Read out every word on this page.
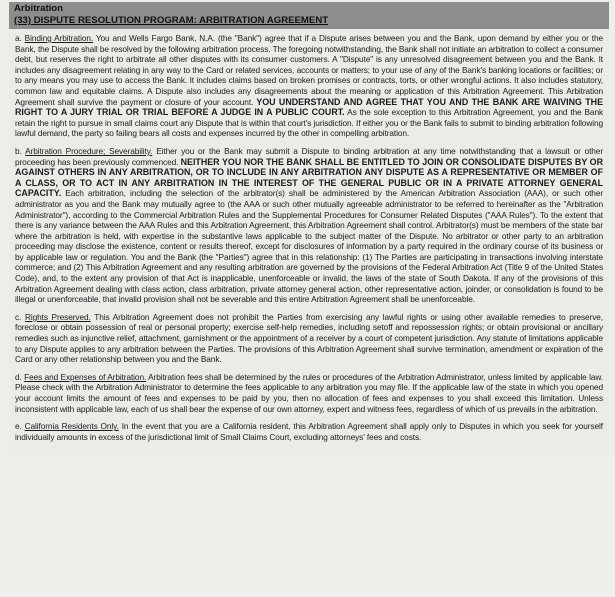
Arbitration
(33) DISPUTE RESOLUTION PROGRAM: ARBITRATION AGREEMENT

a. Binding Arbitration. You and Wells Fargo Bank, N.A. (the "Bank") agree that if a Dispute arises between you and the Bank, upon demand by either you or the Bank, the Dispute shall be resolved by the following arbitration process. The foregoing notwithstanding, the Bank shall not initiate an arbitration to collect a consumer debt, but reserves the right to arbitrate all other disputes with its consumer customers. A "Dispute" is any unresolved disagreement between you and the Bank. It includes any disagreement relating in any way to the Card or related services, accounts or matters; to your use of any of the Bank's banking locations or facilities; or to any means you may use to access the Bank. It includes claims based on broken promises or contracts, torts, or other wrongful actions. It also includes statutory, common law and equitable claims. A Dispute also includes any disagreements about the meaning or application of this Arbitration Agreement. This Arbitration Agreement shall survive the payment or closure of your account. YOU UNDERSTAND AND AGREE THAT YOU AND THE BANK ARE WAIVING THE RIGHT TO A JURY TRIAL OR TRIAL BEFORE A JUDGE IN A PUBLIC COURT. As the sole exception to this Arbitration Agreement, you and the Bank retain the right to pursue in small claims court any Dispute that is within that court's jurisdiction. If either you or the Bank fails to submit to binding arbitration following lawful demand, the party so failing bears all costs and expenses incurred by the other in compelling arbitration.

b. Arbitration Procedure; Severability. Either you or the Bank may submit a Dispute to binding arbitration at any time notwithstanding that a lawsuit or other proceeding has been previously commenced. NEITHER YOU NOR THE BANK SHALL BE ENTITLED TO JOIN OR CONSOLIDATE DISPUTES BY OR AGAINST OTHERS IN ANY ARBITRATION, OR TO INCLUDE IN ANY ARBITRATION ANY DISPUTE AS A REPRESENTATIVE OR MEMBER OF A CLASS, OR TO ACT IN ANY ARBITRATION IN THE INTEREST OF THE GENERAL PUBLIC OR IN A PRIVATE ATTORNEY GENERAL CAPACITY. Each arbitration, including the selection of the arbitrator(s) shall be administered by the American Arbitration Association (AAA), or such other administrator as you and the Bank may mutually agree to (the AAA or such other mutually agreeable administrator to be referred to hereinafter as the "Arbitration Administrator"), according to the Commercial Arbitration Rules and the Supplemental Procedures for Consumer Related Disputes ("AAA Rules"). To the extent that there is any variance between the AAA Rules and this Arbitration Agreement, this Arbitration Agreement shall control. Arbitrator(s) must be members of the state bar where the arbitration is held, with expertise in the substantive laws applicable to the subject matter of the Dispute. No arbitrator or other party to an arbitration proceeding may disclose the existence, content or results thereof, except for disclosures of information by a party required in the ordinary course of its business or by applicable law or regulation. You and the Bank (the "Parties") agree that in this relationship: (1) The Parties are participating in transactions involving interstate commerce; and (2) This Arbitration Agreement and any resulting arbitration are governed by the provisions of the Federal Arbitration Act (Title 9 of the United States Code), and, to the extent any provision of that Act is inapplicable, unenforceable or invalid, the laws of the state of South Dakota. If any of the provisions of this Arbitration Agreement dealing with class action, class arbitration, private attorney general action, other representative action, joinder, or consolidation is found to be illegal or unenforceable, that invalid provision shall not be severable and this entire Arbitration Agreement shall be unenforceable.

c. Rights Preserved. This Arbitration Agreement does not prohibit the Parties from exercising any lawful rights or using other available remedies to preserve, foreclose or obtain possession of real or personal property; exercise self-help remedies, including setoff and repossession rights; or obtain provisional or ancillary remedies such as injunctive relief, attachment, garnishment or the appointment of a receiver by a court of competent jurisdiction. Any statute of limitations applicable to any Dispute applies to any arbitration between the Parties. The provisions of this Arbitration Agreement shall survive termination, amendment or expiration of the Card or any other relationship between you and the Bank.

d. Fees and Expenses of Arbitration. Arbitration fees shall be determined by the rules or procedures of the Arbitration Administrator, unless limited by applicable law. Please check with the Arbitration Administrator to determine the fees applicable to any arbitration you may file. If the applicable law of the state in which you opened your account limits the amount of fees and expenses to be paid by you, then no allocation of fees and expenses to you shall exceed this limitation. Unless inconsistent with applicable law, each of us shall bear the expense of our own attorney, expert and witness fees, regardless of which of us prevails in the arbitration.

e. California Residents Only. In the event that you are a California resident, this Arbitration Agreement shall apply only to Disputes in which you seek for yourself individually amounts in excess of the jurisdictional limit of Small Claims Court, excluding attorneys' fees and costs.
